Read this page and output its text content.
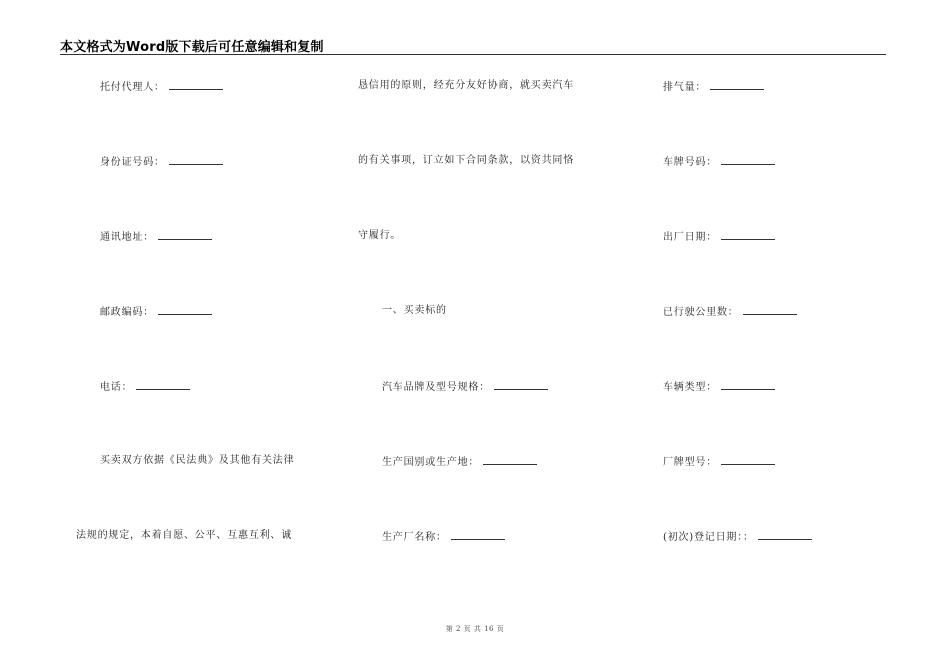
本文格式为Word版下载后可任意编辑和复制
托付代理人：
身份证号码：
通讯地址：
邮政编码：
电话：
买卖双方依据《民法典》及其他有关法律
法规的规定，本着自愿、公平、互惠互利、诚
恳信用的原则，经充分友好协商，就买卖汽车
的有关事项，订立如下合同条款，以资共同恪
守履行。
一、买卖标的
汽车品牌及型号规格：
生产国别或生产地：
生产厂名称：
排气量：
车牌号码：
出厂日期：
已行驶公里数：
车辆类型：
厂牌型号：
(初次)登记日期：：
第 2 页 共 16 页
